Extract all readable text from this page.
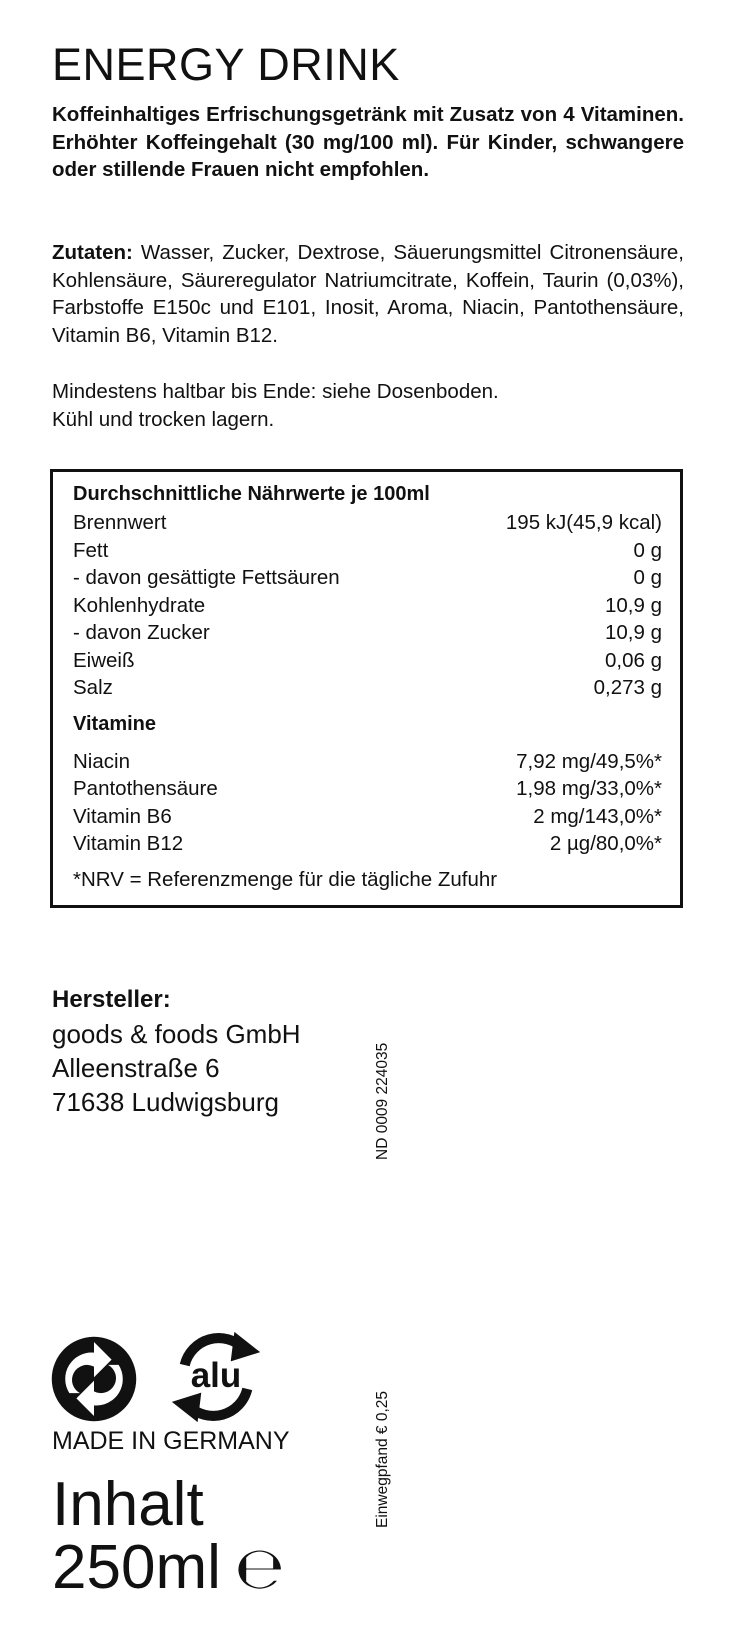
ENERGY DRINK

Koffeinhaltiges Erfrischungsgetränk mit Zusatz von 4 Vitaminen. Erhöhter Koffeingehalt (30 mg/100 ml). Für Kinder, schwangere oder stillende Frauen nicht empfohlen.

Zutaten: Wasser, Zucker, Dextrose, Säuerungsmittel Citronensäure, Kohlensäure, Säureregulator Natriumcitrate, Koffein, Taurin (0,03%), Farbstoffe E150c und E101, Inosit, Aroma, Niacin, Pantothensäure, Vitamin B6, Vitamin B12.

Mindestens haltbar bis Ende: siehe Dosenboden.
Kühl und trocken lagern.
Durchschnittliche Nährwerte je 100ml
Brennwert	195 kJ(45,9 kcal)
Fett	0 g
- davon gesättigte Fettsäuren	0 g
Kohlenhydrate	10,9 g
- davon Zucker	10,9 g
Eiweiß	0,06 g
Salz	0,273 g
Vitamine
Niacin	7,92 mg/49,5%*
Pantothensäure	1,98 mg/33,0%*
Vitamin B6	2 mg/143,0%*
Vitamin B12	2 µg/80,0%*
*NRV = Referenzmenge für die tägliche Zufuhr
Hersteller:
goods & foods GmbH
Alleenstraße 6
71638 Ludwigsburg	ND 0009 224035
alu
MADE IN GERMANY	Einwegpfand € 0,25
Inhalt
250ml ℮
